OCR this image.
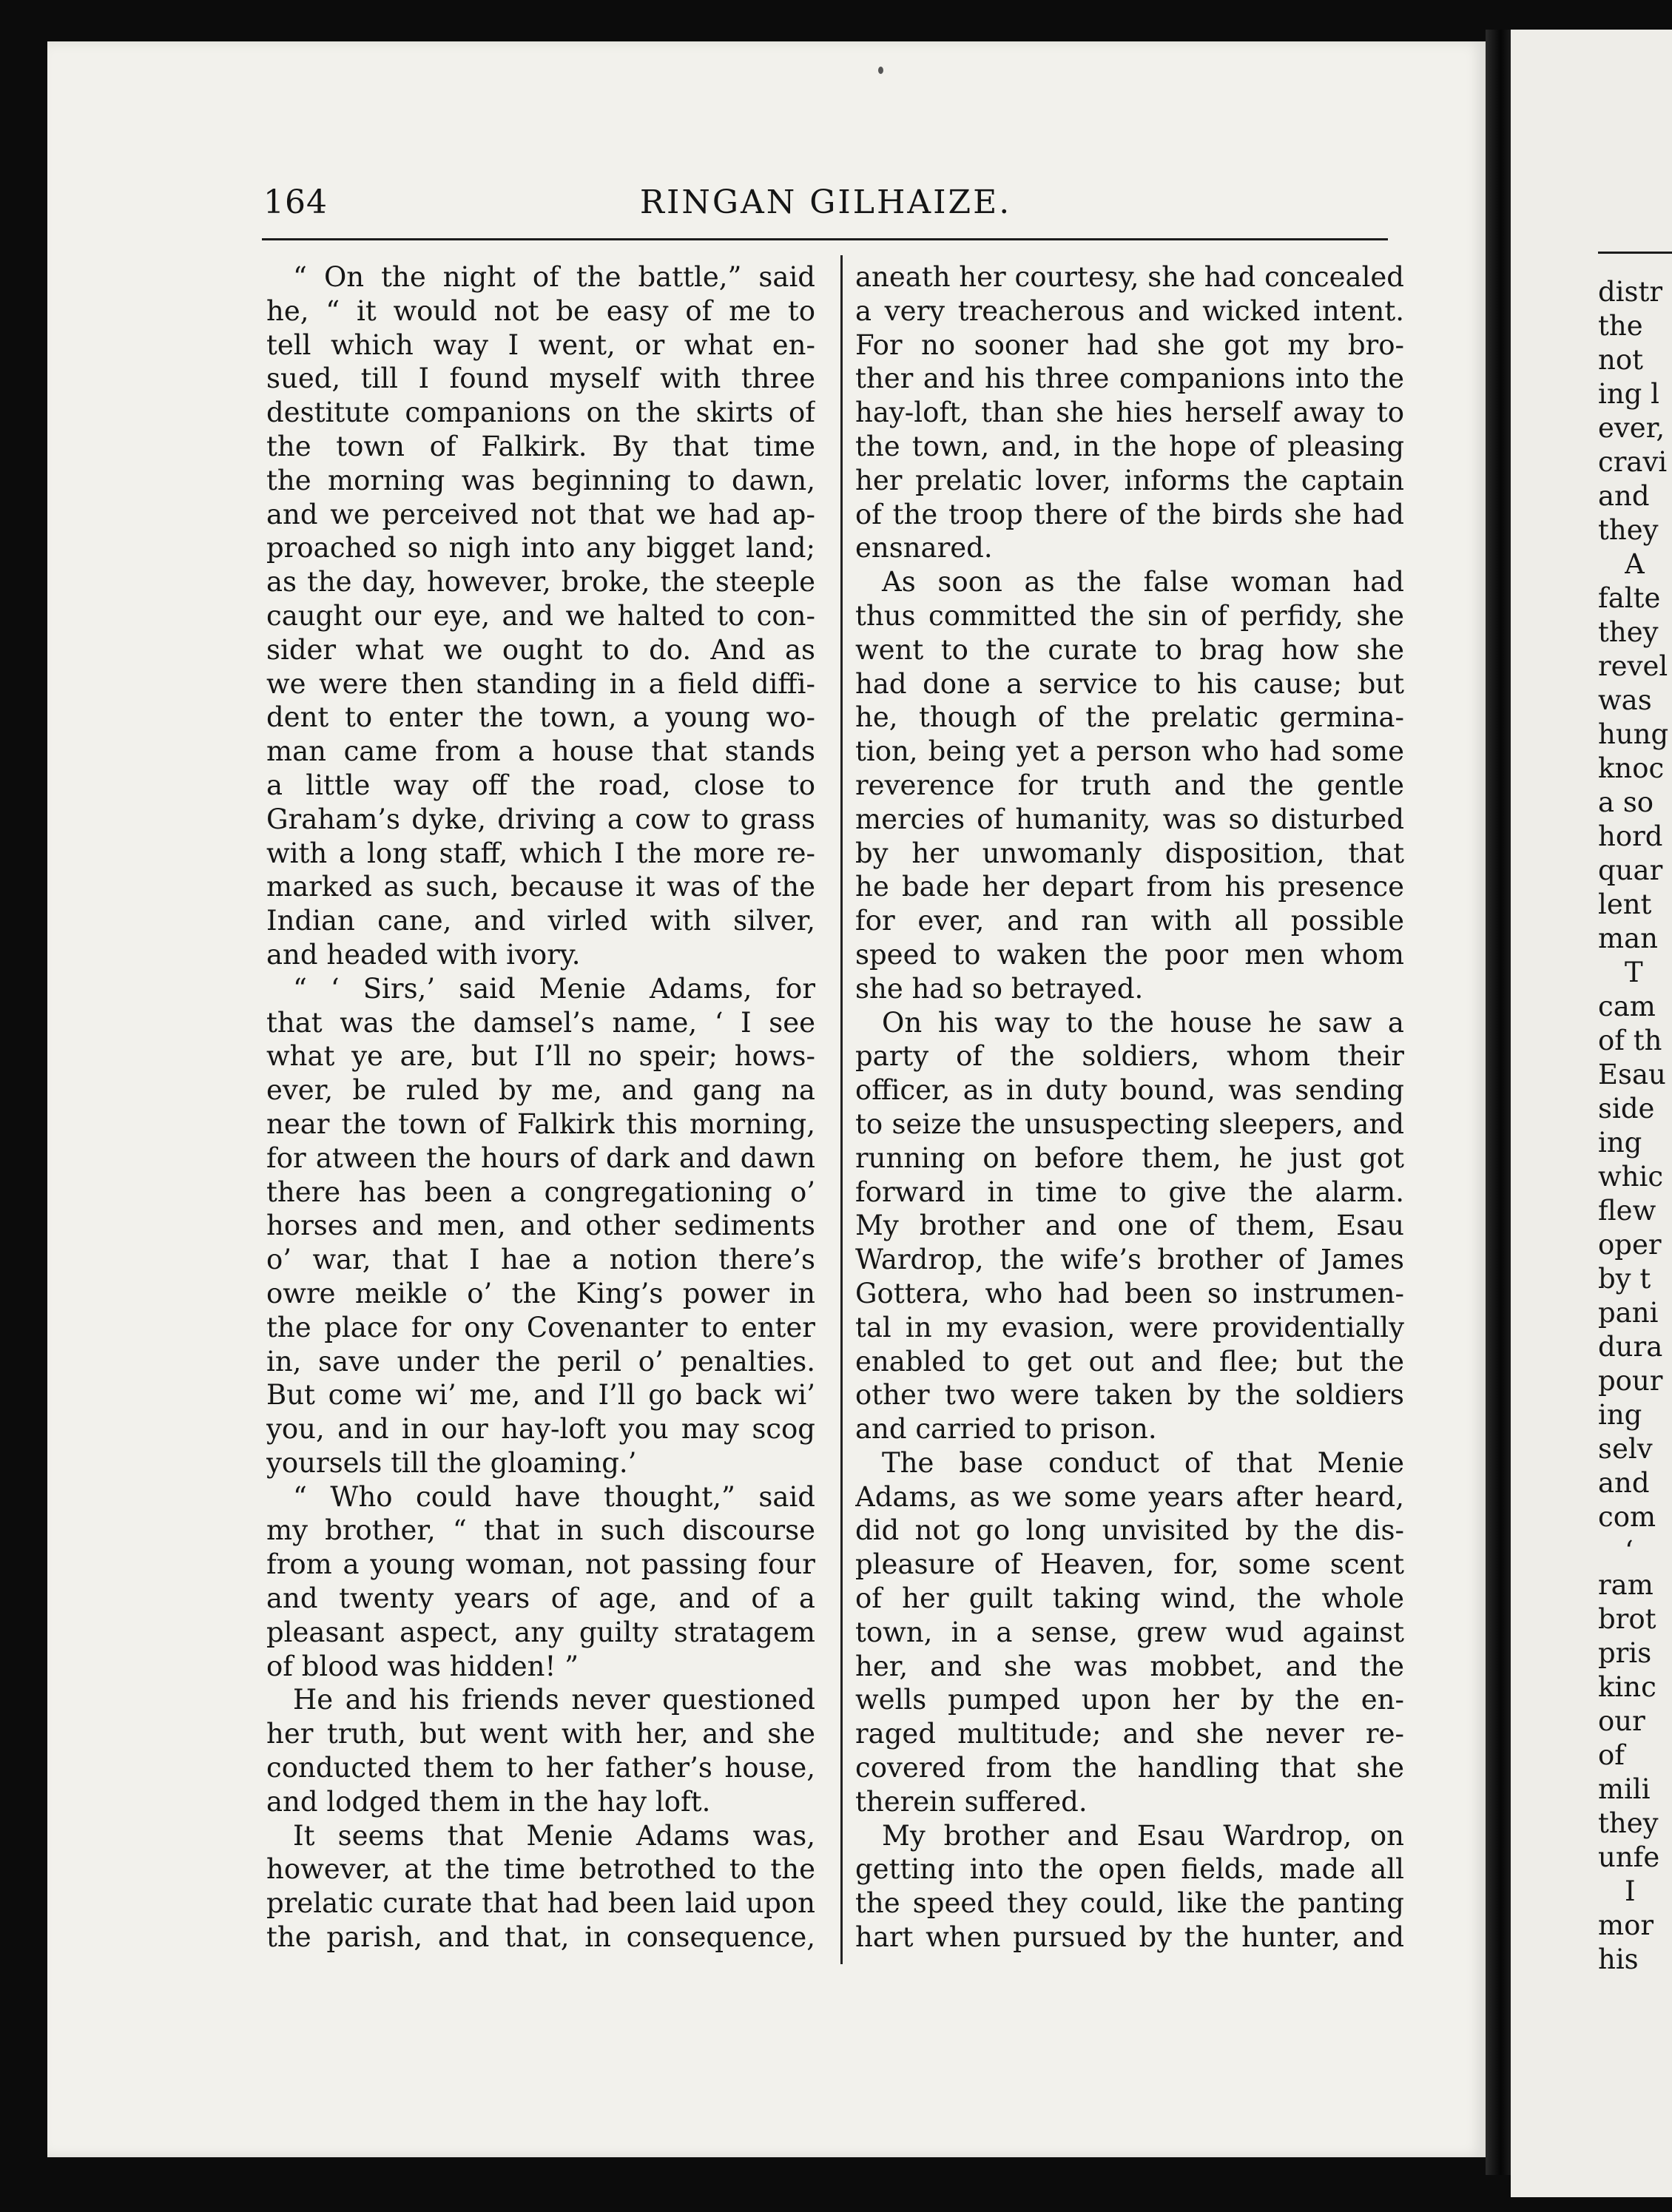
164	RINGAN GILHAIZE.
“ On the night of the battle,” said
he, “ it would not be easy of me to
tell which way I went, or what en-
sued, till I found myself with three
destitute companions on the skirts of
the town of Falkirk. By that time
the morning was beginning to dawn,
and we perceived not that we had ap-
proached so nigh into any bigget land;
as the day, however, broke, the steeple
caught our eye, and we halted to con-
sider what we ought to do. And as
we were then standing in a field diffi-
dent to enter the town, a young wo-
man came from a house that stands
a little way off the road, close to
Graham’s dyke, driving a cow to grass
with a long staff, which I the more re-
marked as such, because it was of the
Indian cane, and virled with silver,
and headed with ivory.
“ ‘ Sirs,’ said Menie Adams, for
that was the damsel’s name, ‘ I see
what ye are, but I’ll no speir; hows-
ever, be ruled by me, and gang na
near the town of Falkirk this morning,
for atween the hours of dark and dawn
there has been a congregationing o’
horses and men, and other sediments
o’ war, that I hae a notion there’s
owre meikle o’ the King’s power in
the place for ony Covenanter to enter
in, save under the peril o’ penalties.
But come wi’ me, and I’ll go back wi’
you, and in our hay-loft you may scog
yoursels till the gloaming.’
“ Who could have thought,” said
my brother, “ that in such discourse
from a young woman, not passing four
and twenty years of age, and of a
pleasant aspect, any guilty stratagem
of blood was hidden! ”
He and his friends never questioned
her truth, but went with her, and she
conducted them to her father’s house,
and lodged them in the hay loft.
It seems that Menie Adams was,
however, at the time betrothed to the
prelatic curate that had been laid upon
the parish, and that, in consequence,
aneath her courtesy, she had concealed
a very treacherous and wicked intent.
For no sooner had she got my bro-
ther and his three companions into the
hay-loft, than she hies herself away to
the town, and, in the hope of pleasing
her prelatic lover, informs the captain
of the troop there of the birds she had
ensnared.
As soon as the false woman had
thus committed the sin of perfidy, she
went to the curate to brag how she
had done a service to his cause; but
he, though of the prelatic germina-
tion, being yet a person who had some
reverence for truth and the gentle
mercies of humanity, was so disturbed
by her unwomanly disposition, that
he bade her depart from his presence
for ever, and ran with all possible
speed to waken the poor men whom
she had so betrayed.
On his way to the house he saw a
party of the soldiers, whom their
officer, as in duty bound, was sending
to seize the unsuspecting sleepers, and
running on before them, he just got
forward in time to give the alarm.
My brother and one of them, Esau
Wardrop, the wife’s brother of James
Gottera, who had been so instrumen-
tal in my evasion, were providentially
enabled to get out and flee; but the
other two were taken by the soldiers
and carried to prison.
The base conduct of that Menie
Adams, as we some years after heard,
did not go long unvisited by the dis-
pleasure of Heaven, for, some scent
of her guilt taking wind, the whole
town, in a sense, grew wud against
her, and she was mobbet, and the
wells pumped upon her by the en-
raged multitude; and she never re-
covered from the handling that she
therein suffered.
My brother and Esau Wardrop, on
getting into the open fields, made all
the speed they could, like the panting
hart when pursued by the hunter, and
distr
the
not
ing l
ever,
cravi
and
they
A
falte
they
revel
was
hung
knoc
a so
hord
quar
lent
man
T
cam
of th
Esau
side
ing
whic
flew
oper
by t
pani
dura
pour
ing
selv
and
com
‘
ram
brot
pris
kinc
our
of
mili
they
unfe
I
mor
his
